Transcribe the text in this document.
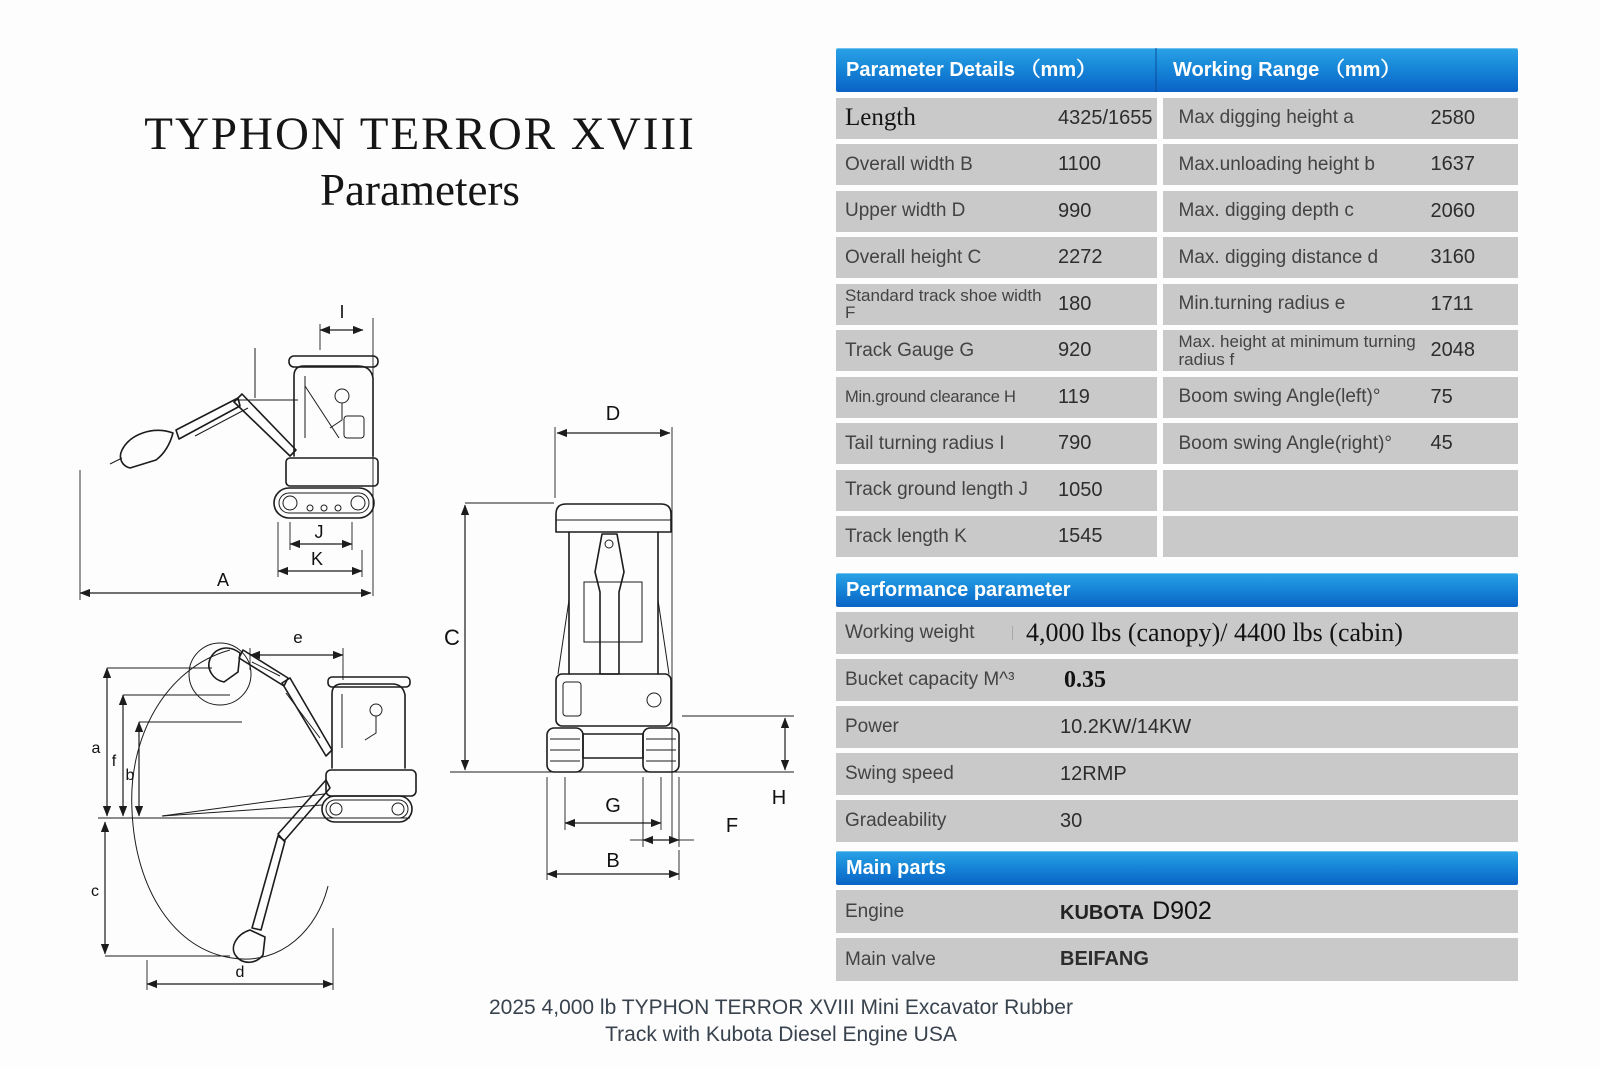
TYPHON TERROR XVIII
Parameters
I
J
K
A
e
a
f
b
c
d
D
C
G
F
B
H
Parameter Details （mm）	Working Range （mm）
Length	4325/1655	Max digging height a	2580
Overall width B	1100	Max.unloading height b	1637
Upper width D	990	Max. digging depth c	2060
Overall height C	2272	Max. digging distance d	3160
Standard track shoe width F	180	Min.turning radius e	1711
Track Gauge G	920	Max. height at minimum turning radius f	2048
Min.ground clearance H 119	Boom swing Angle(left)°	75
Tail turning radius I	790	Boom swing Angle(right)° 45
Track ground length J 1050
Track length K	1545
Performance parameter
Working weight 4,000 lbs (canopy)/ 4400 lbs (cabin)
Bucket capacity M^³ 0.35
Power	10.2KW/14KW
Swing speed	12RMP
Gradeability	30
Main parts
Engine	KUBOTA D902
Main valve	BEIFANG
2025 4,000 lb TYPHON TERROR XVIII Mini Excavator Rubber
Track with Kubota Diesel Engine USA
